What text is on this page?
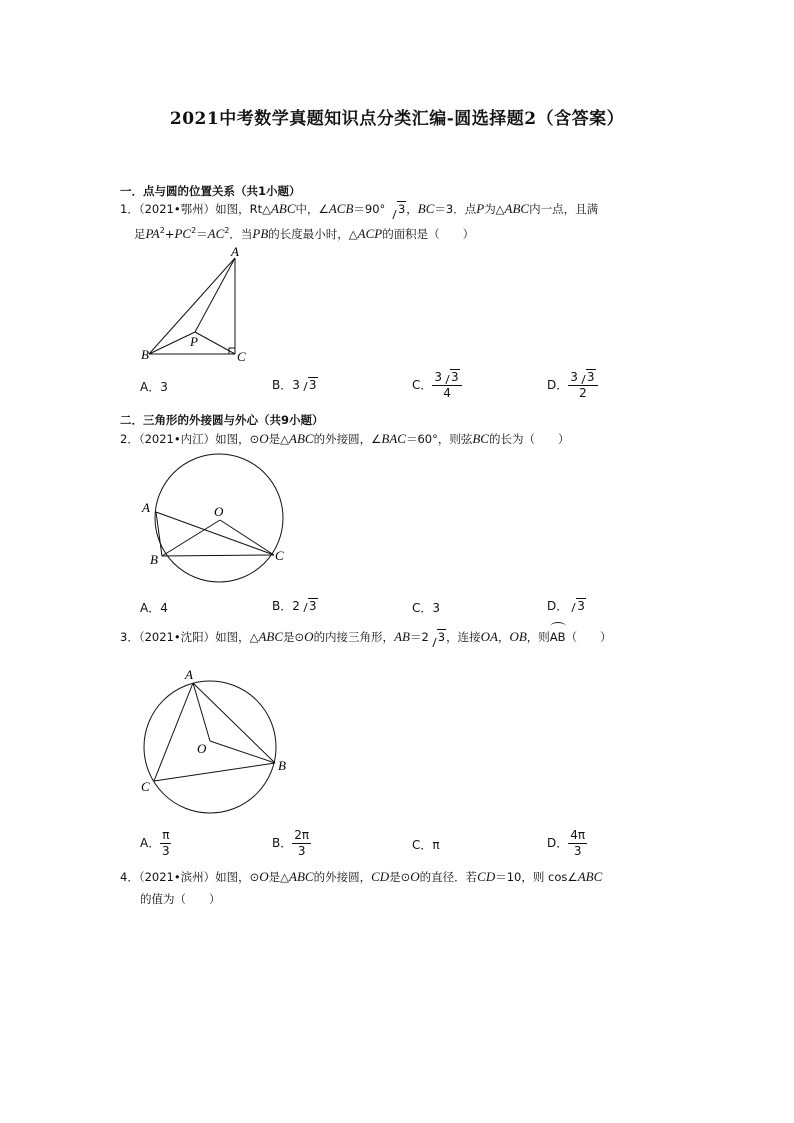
2021中考数学真题知识点分类汇编-圆选择题2（含答案）
一．点与圆的位置关系（共1小题）
1．（2021•鄂州）如图，Rt△ABC中，∠ACB＝90° 3，BC＝3．点P为△ABC内一点，且满
足$PA^2+PC^2=AC^2$．当PB的长度最小时，△ACP的面积是（　　）
A
B	C
P
A．3	B．3 3	C． $\frac{3 3}{4}$	D． $\frac{3 3}{2}$
二．三角形的外接圆与外心（共9小题）
2．（2021•内江）如图，⊙O是△ABC的外接圆，∠BAC＝60°，则弦BC的长为（　　）
A
B	C
O
A．4	B．2 3	C．3	D． 3
3．（2021•沈阳）如图，△ABC是⊙O的内接三角形，AB＝2 3，连接OA，OB，则AB（　　）
A
B
C
O
A． $\frac{\pi}{3}$	B． $\frac{2\pi}{3}$	C．π	D． $\frac{4\pi}{3}$
4．（2021•滨州）如图，⊙O是△ABC的外接圆，CD是⊙O的直径．若CD＝10，则 cos∠ABC
的值为（　　）
